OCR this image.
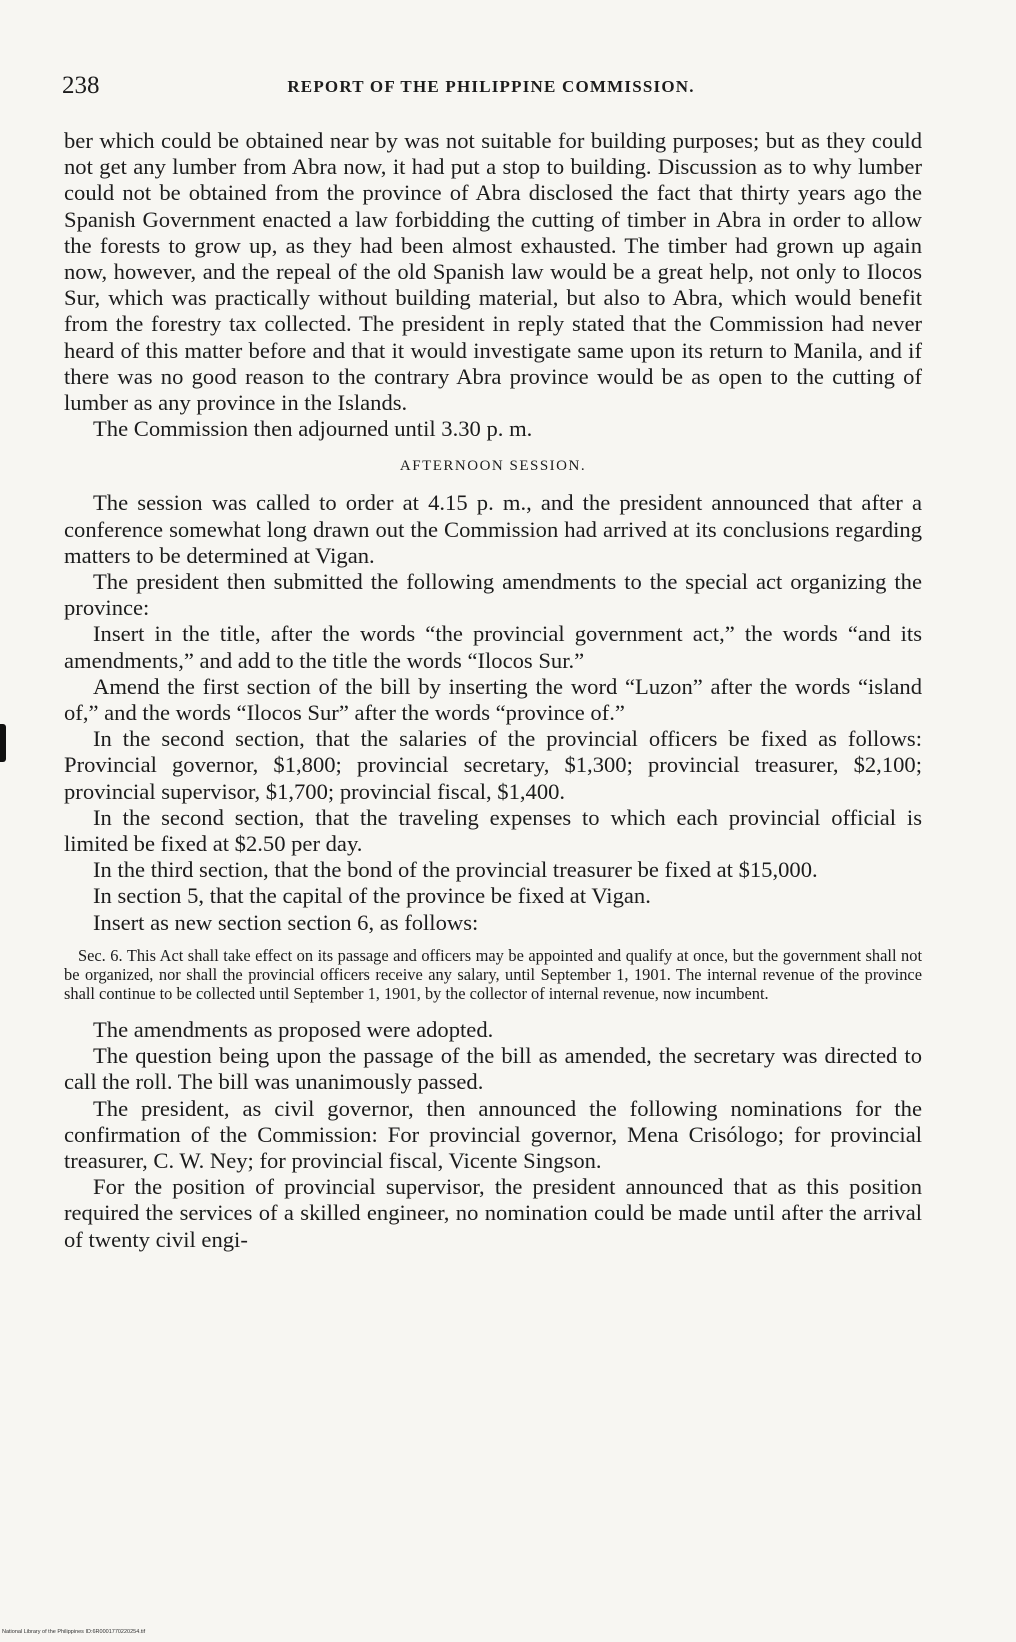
238	REPORT OF THE PHILIPPINE COMMISSION.

ber which could be obtained near by was not suitable for building purposes; but as they could not get any lumber from Abra now, it had put a stop to building. Discussion as to why lumber could not be obtained from the province of Abra disclosed the fact that thirty years ago the Spanish Government enacted a law forbidding the cutting of timber in Abra in order to allow the forests to grow up, as they had been almost exhausted. The timber had grown up again now, however, and the repeal of the old Spanish law would be a great help, not only to Ilocos Sur, which was practically without building material, but also to Abra, which would benefit from the forestry tax collected. The president in reply stated that the Commission had never heard of this matter before and that it would investigate same upon its return to Manila, and if there was no good reason to the contrary Abra province would be as open to the cutting of lumber as any province in the Islands.

The Commission then adjourned until 3.30 p. m.

AFTERNOON SESSION.

The session was called to order at 4.15 p. m., and the president announced that after a conference somewhat long drawn out the Commission had arrived at its conclusions regarding matters to be determined at Vigan.

The president then submitted the following amendments to the special act organizing the province:

Insert in the title, after the words “the provincial government act,” the words “and its amendments,” and add to the title the words “Ilocos Sur.”

Amend the first section of the bill by inserting the word “Luzon” after the words “island of,” and the words “Ilocos Sur” after the words “province of.”

In the second section, that the salaries of the provincial officers be fixed as follows: Provincial governor, $1,800; provincial secretary, $1,300; provincial treasurer, $2,100; provincial supervisor, $1,700; provincial fiscal, $1,400.

In the second section, that the traveling expenses to which each provincial official is limited be fixed at $2.50 per day.

In the third section, that the bond of the provincial treasurer be fixed at $15,000.

In section 5, that the capital of the province be fixed at Vigan.

Insert as new section section 6, as follows:

Sec. 6. This Act shall take effect on its passage and officers may be appointed and qualify at once, but the government shall not be organized, nor shall the provincial officers receive any salary, until September 1, 1901. The internal revenue of the province shall continue to be collected until September 1, 1901, by the collector of internal revenue, now incumbent.

The amendments as proposed were adopted.

The question being upon the passage of the bill as amended, the secretary was directed to call the roll. The bill was unanimously passed.

The president, as civil governor, then announced the following nominations for the confirmation of the Commission: For provincial governor, Mena Crisólogo; for provincial treasurer, C. W. Ney; for provincial fiscal, Vicente Singson.

For the position of provincial supervisor, the president announced that as this position required the services of a skilled engineer, no nomination could be made until after the arrival of twenty civil engi-

National Library of the Philippines ID:6R0001770220254.tif
